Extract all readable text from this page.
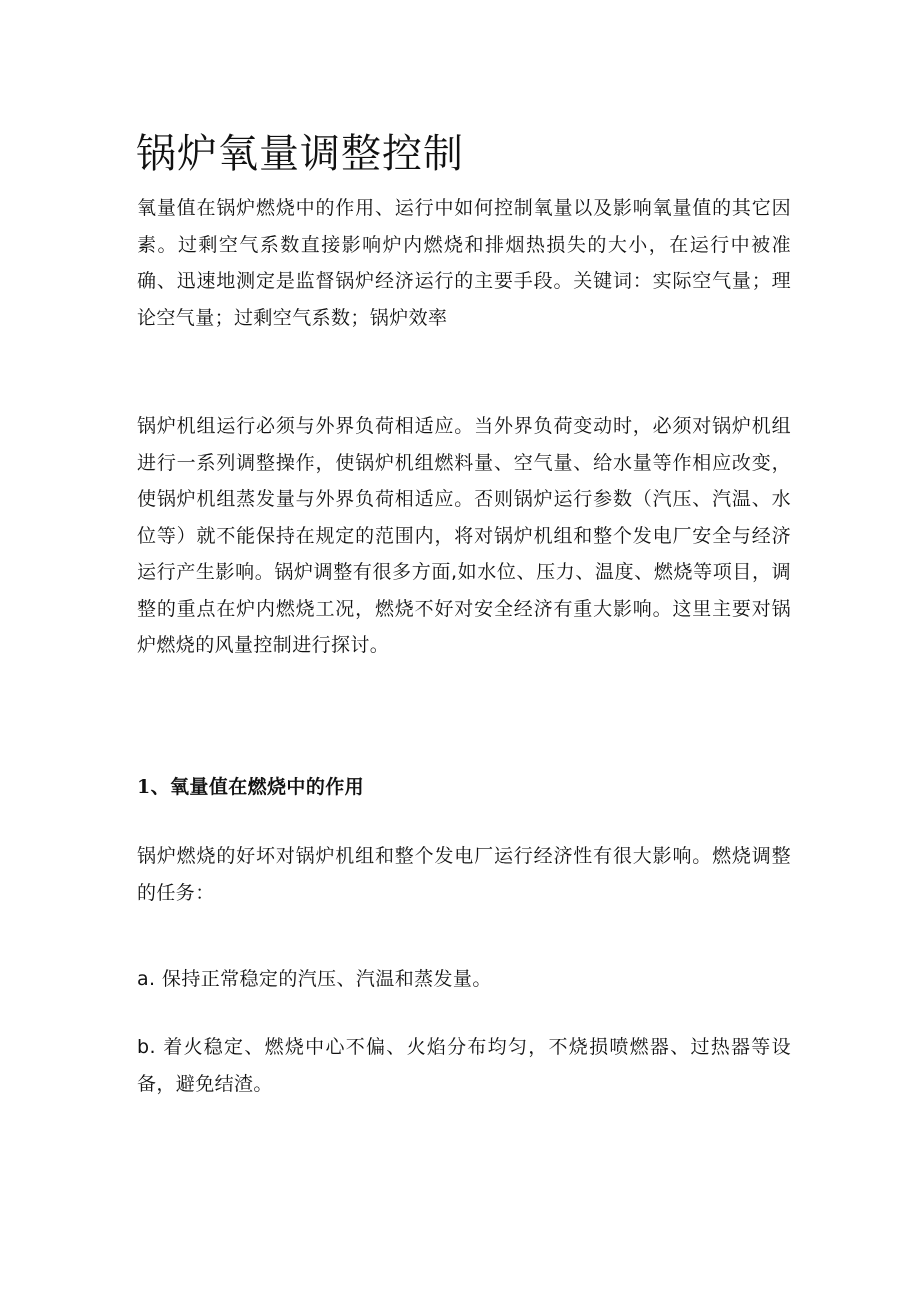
锅炉氧量调整控制

氧量值在锅炉燃烧中的作用、运行中如何控制氧量以及影响氧量值的其它因素。过剩空气系数直接影响炉内燃烧和排烟热损失的大小，在运行中被准确、迅速地测定是监督锅炉经济运行的主要手段。关键词：实际空气量；理论空气量；过剩空气系数；锅炉效率

锅炉机组运行必须与外界负荷相适应。当外界负荷变动时，必须对锅炉机组进行一系列调整操作，使锅炉机组燃料量、空气量、给水量等作相应改变，使锅炉机组蒸发量与外界负荷相适应。否则锅炉运行参数（汽压、汽温、水位等）就不能保持在规定的范围内，将对锅炉机组和整个发电厂安全与经济运行产生影响。锅炉调整有很多方面,如水位、压力、温度、燃烧等项目，调整的重点在炉内燃烧工况，燃烧不好对安全经济有重大影响。这里主要对锅炉燃烧的风量控制进行探讨。

1、氧量值在燃烧中的作用

锅炉燃烧的好坏对锅炉机组和整个发电厂运行经济性有很大影响。燃烧调整的任务：

a. 保持正常稳定的汽压、汽温和蒸发量。

b. 着火稳定、燃烧中心不偏、火焰分布均匀，不烧损喷燃器、过热器等设备，避免结渣。
